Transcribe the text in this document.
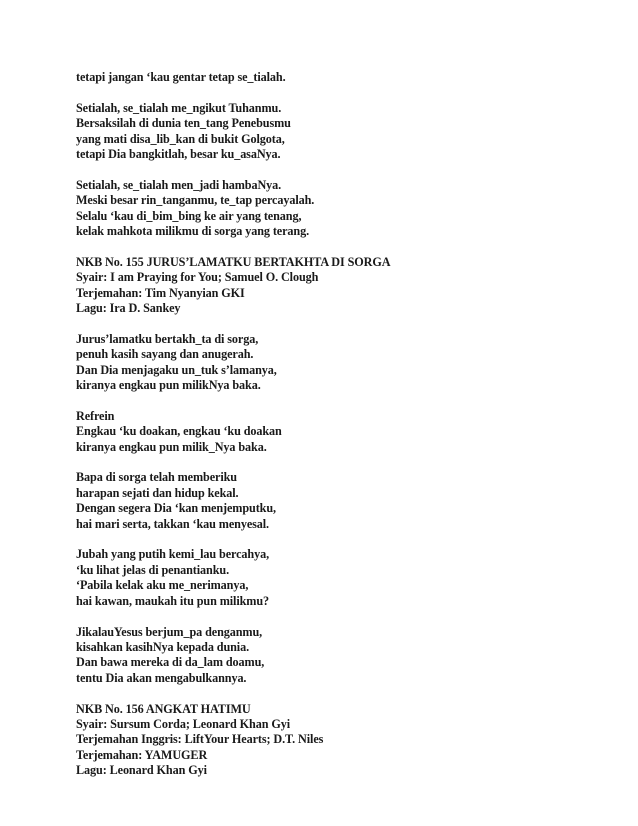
tetapi jangan ‘kau gentar tetap se_tialah.
Setialah, se_tialah me_ngikut Tuhanmu.
Bersaksilah di dunia ten_tang Penebusmu
yang mati disa_lib_kan di bukit Golgota,
tetapi Dia bangkitlah, besar ku_asaNya.
Setialah, se_tialah men_jadi hambaNya.
Meski besar rin_tanganmu, te_tap percayalah.
Selalu ‘kau di_bim_bing ke air yang tenang,
kelak mahkota milikmu di sorga yang terang.
NKB No. 155 JURUS’LAMATKU BERTAKHTA DI SORGA
Syair: I am Praying for You; Samuel O. Clough
Terjemahan: Tim Nyanyian GKI
Lagu: Ira D. Sankey
Jurus’lamatku bertakh_ta di sorga,
penuh kasih sayang dan anugerah.
Dan Dia menjagaku un_tuk s’lamanya,
kiranya engkau pun milikNya baka.
Refrein
Engkau ‘ku doakan, engkau ‘ku doakan
kiranya engkau pun milik_Nya baka.
Bapa di sorga telah memberiku
harapan sejati dan hidup kekal.
Dengan segera Dia ‘kan menjemputku,
hai mari serta, takkan ‘kau menyesal.
Jubah yang putih kemi_lau bercahya,
‘ku lihat jelas di penantianku.
‘Pabila kelak aku me_nerimanya,
hai kawan, maukah itu pun milikmu?
JikalauYesus berjum_pa denganmu,
kisahkan kasihNya kepada dunia.
Dan bawa mereka di da_lam doamu,
tentu Dia akan mengabulkannya.
NKB No. 156 ANGKAT HATIMU
Syair: Sursum Corda; Leonard Khan Gyi
Terjemahan Inggris: LiftYour Hearts; D.T. Niles
Terjemahan: YAMUGER
Lagu: Leonard Khan Gyi
